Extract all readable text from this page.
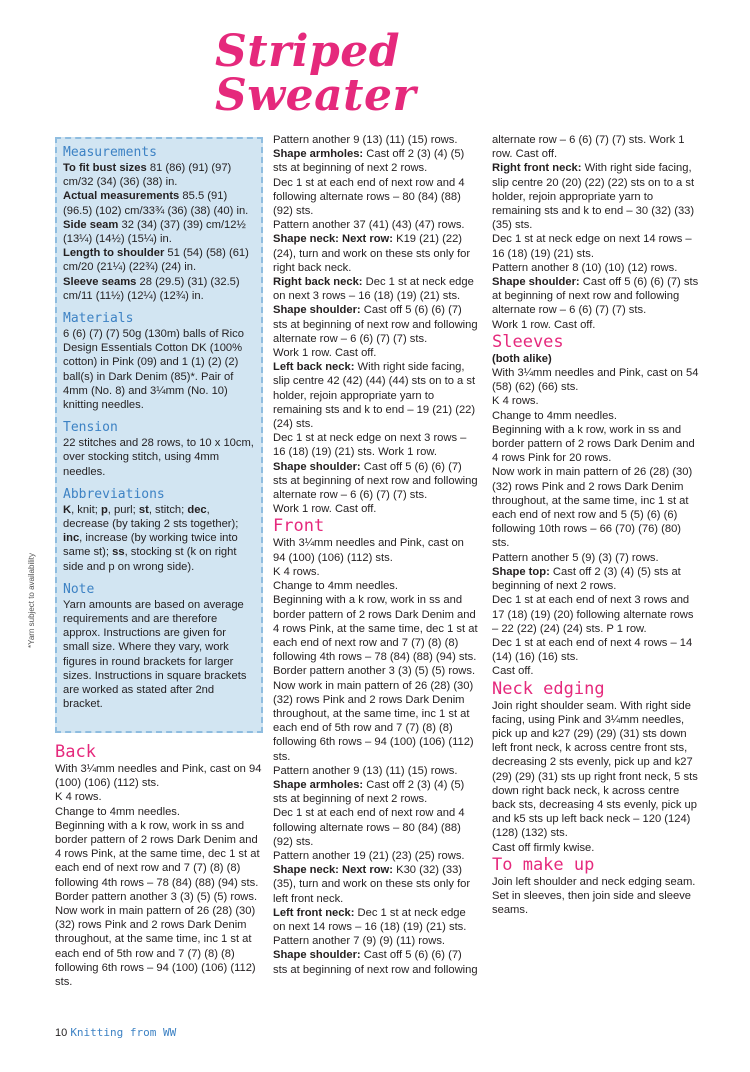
Striped Sweater

Measurements

To fit bust sizes 81 (86) (91) (97) cm/32 (34) (36) (38) in.

Actual measurements 85.5 (91) (96.5) (102) cm/33¾ (36) (38) (40) in.

Side seam 32 (34) (37) (39) cm/12½ (13¼) (14½) (15¼) in.

Length to shoulder 51 (54) (58) (61) cm/20 (21¼) (22¾) (24) in.

Sleeve seams 28 (29.5) (31) (32.5) cm/11 (11½) (12¼) (12¾) in.

Materials

6 (6) (7) (7) 50g (130m) balls of Rico Design Essentials Cotton DK (100% cotton) in Pink (09) and 1 (1) (2) (2) ball(s) in Dark Denim (85)*. Pair of 4mm (No. 8) and 3¼mm (No. 10) knitting needles.

Tension

22 stitches and 28 rows, to 10 x 10cm, over stocking stitch, using 4mm needles.

Abbreviations

K, knit; p, purl; st, stitch; dec, decrease (by taking 2 sts together); inc, increase (by working twice into same st); ss, stocking st (k on right side and p on wrong side).

Note

Yarn amounts are based on average requirements and are therefore approx. Instructions are given for small size. Where they vary, work figures in round brackets for larger sizes. Instructions in square brackets are worked as stated after 2nd bracket.

*Yarn subject to availability

Back

With 3¼mm needles and Pink, cast on 94 (100) (106) (112) sts.

K 4 rows.

Change to 4mm needles.

Beginning with a k row, work in ss and border pattern of 2 rows Dark Denim and 4 rows Pink, at the same time, dec 1 st at each end of next row and 7 (7) (8) (8) following 4th rows – 78 (84) (88) (94) sts.

Border pattern another 3 (3) (5) (5) rows. Now work in main pattern of 26 (28) (30) (32) rows Pink and 2 rows Dark Denim throughout, at the same time, inc 1 st at each end of 5th row and 7 (7) (8) (8) following 6th rows – 94 (100) (106) (112) sts.

Pattern another 9 (13) (11) (15) rows.

Shape armholes: Cast off 2 (3) (4) (5) sts at beginning of next 2 rows.

Dec 1 st at each end of next row and 4 following alternate rows – 80 (84) (88) (92) sts.

Pattern another 37 (41) (43) (47) rows.

Shape neck: Next row: K19 (21) (22) (24), turn and work on these sts only for right back neck.

Right back neck: Dec 1 st at neck edge on next 3 rows – 16 (18) (19) (21) sts.

Shape shoulder: Cast off 5 (6) (6) (7) sts at beginning of next row and following alternate row – 6 (6) (7) (7) sts.

Work 1 row. Cast off.

Left back neck: With right side facing, slip centre 42 (42) (44) (44) sts on to a st holder, rejoin appropriate yarn to remaining sts and k to end – 19 (21) (22) (24) sts.

Dec 1 st at neck edge on next 3 rows – 16 (18) (19) (21) sts. Work 1 row.

Shape shoulder: Cast off 5 (6) (6) (7) sts at beginning of next row and following alternate row – 6 (6) (7) (7) sts.

Work 1 row. Cast off.

Front

With 3¼mm needles and Pink, cast on 94 (100) (106) (112) sts.

K 4 rows.

Change to 4mm needles.

Beginning with a k row, work in ss and border pattern of 2 rows Dark Denim and 4 rows Pink, at the same time, dec 1 st at each end of next row and 7 (7) (8) (8) following 4th rows – 78 (84) (88) (94) sts.

Border pattern another 3 (3) (5) (5) rows. Now work in main pattern of 26 (28) (30) (32) rows Pink and 2 rows Dark Denim throughout, at the same time, inc 1 st at each end of 5th row and 7 (7) (8) (8) following 6th rows – 94 (100) (106) (112) sts.

Pattern another 9 (13) (11) (15) rows.

Shape armholes: Cast off 2 (3) (4) (5) sts at beginning of next 2 rows.

Dec 1 st at each end of next row and 4 following alternate rows – 80 (84) (88) (92) sts.

Pattern another 19 (21) (23) (25) rows.

Shape neck: Next row: K30 (32) (33) (35), turn and work on these sts only for left front neck.

Left front neck: Dec 1 st at neck edge on next 14 rows – 16 (18) (19) (21) sts.

Pattern another 7 (9) (9) (11) rows.

Shape shoulder: Cast off 5 (6) (6) (7) sts at beginning of next row and following

alternate row – 6 (6) (7) (7) sts. Work 1 row. Cast off.

Right front neck: With right side facing, slip centre 20 (20) (22) (22) sts on to a st holder, rejoin appropriate yarn to remaining sts and k to end – 30 (32) (33) (35) sts.

Dec 1 st at neck edge on next 14 rows – 16 (18) (19) (21) sts.

Pattern another 8 (10) (10) (12) rows.

Shape shoulder: Cast off 5 (6) (6) (7) sts at beginning of next row and following alternate row – 6 (6) (7) (7) sts.

Work 1 row. Cast off.

Sleeves

(both alike)

With 3¼mm needles and Pink, cast on 54 (58) (62) (66) sts.

K 4 rows.

Change to 4mm needles.

Beginning with a k row, work in ss and border pattern of 2 rows Dark Denim and 4 rows Pink for 20 rows.

Now work in main pattern of 26 (28) (30) (32) rows Pink and 2 rows Dark Denim throughout, at the same time, inc 1 st at each end of next row and 5 (5) (6) (6) following 10th rows – 66 (70) (76) (80) sts.

Pattern another 5 (9) (3) (7) rows.

Shape top: Cast off 2 (3) (4) (5) sts at beginning of next 2 rows.

Dec 1 st at each end of next 3 rows and 17 (18) (19) (20) following alternate rows – 22 (22) (24) (24) sts. P 1 row.

Dec 1 st at each end of next 4 rows – 14 (14) (16) (16) sts.

Cast off.

Neck edging

Join right shoulder seam. With right side facing, using Pink and 3¼mm needles, pick up and k27 (29) (29) (31) sts down left front neck, k across centre front sts, decreasing 2 sts evenly, pick up and k27 (29) (29) (31) sts up right front neck, 5 sts down right back neck, k across centre back sts, decreasing 4 sts evenly, pick up and k5 sts up left back neck – 120 (124) (128) (132) sts.

Cast off firmly kwise.

To make up

Join left shoulder and neck edging seam. Set in sleeves, then join side and sleeve seams.

10 Knitting from WW
